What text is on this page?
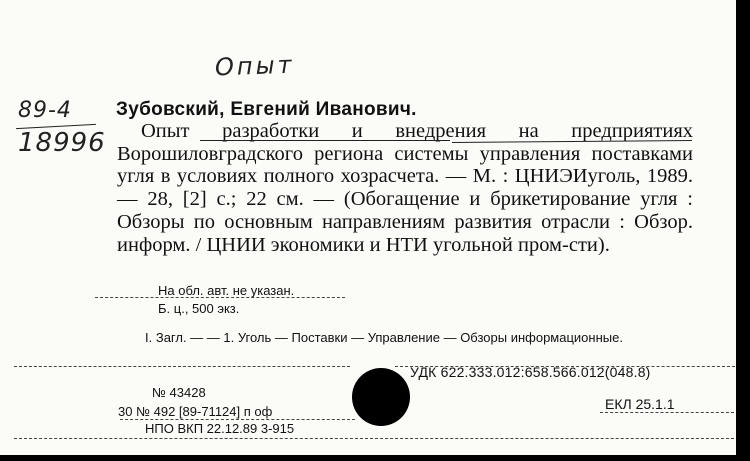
Опыт
89-4
18996
Зубовский, Евгений Иванович.

Опыт разработки и внедрения на предприятиях Ворошиловградского региона системы управления поставками угля в условиях полного хозрасчета. — М. : ЦНИЭИуголь, 1989. — 28, [2] с.; 22 см. — (Обогащение и брикетирование угля : Обзоры по основным направлениям развития отрасли : Обзор. информ. / ЦНИИ экономики и НТИ угольной пром-сти).

На обл. авт. не указан.
Б. ц., 500 экз.
I. Загл. — — 1. Уголь — Поставки — Управление — Обзоры информационные.
УДК 622.333.012:658.566.012(048.8)
№ 43428
30 № 492 [89-71124] п оф
НПО ВКП 22.12.89 3-915
ЕКЛ 25.1.1
